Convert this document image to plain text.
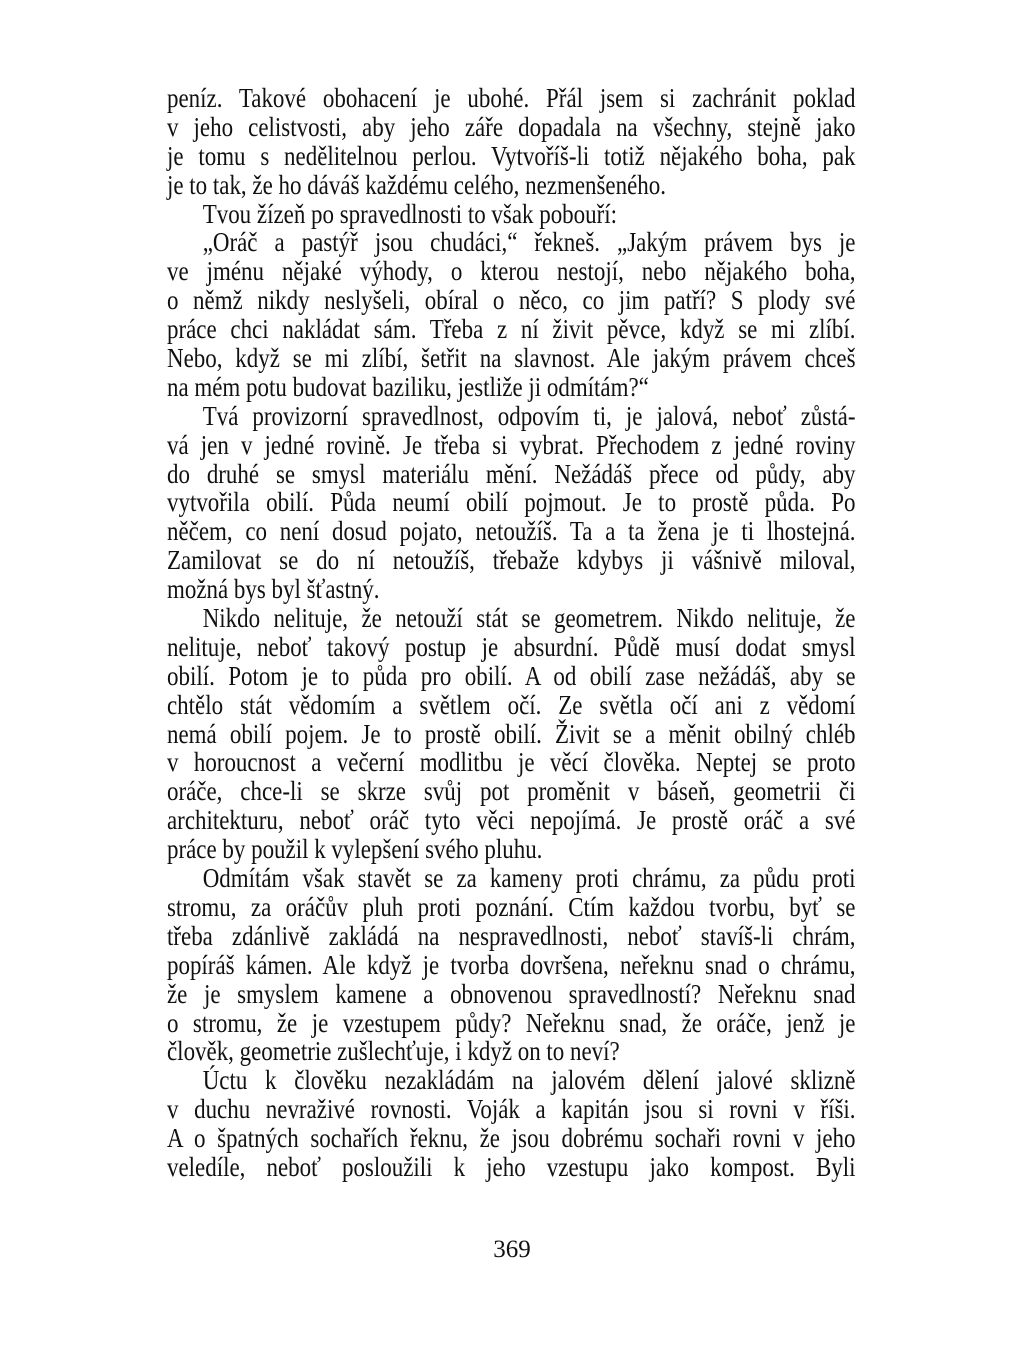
peníz. Takové obohacení je ubohé. Přál jsem si zachránit poklad
v jeho celistvosti, aby jeho záře dopadala na všechny, stejně jako
je tomu s nedělitelnou perlou. Vytvoříš-li totiž nějakého boha, pak
je to tak, že ho dáváš každému celého, nezmenšeného.
Tvou žízeň po spravedlnosti to však pobouří:
„Oráč a pastýř jsou chudáci,“ řekneš. „Jakým právem bys je
ve jménu nějaké výhody, o kterou nestojí, nebo nějakého boha,
o němž nikdy neslyšeli, obíral o něco, co jim patří? S plody své
práce chci nakládat sám. Třeba z ní živit pěvce, když se mi zlíbí.
Nebo, když se mi zlíbí, šetřit na slavnost. Ale jakým právem chceš
na mém potu budovat baziliku, jestliže ji odmítám?“
Tvá provizorní spravedlnost, odpovím ti, je jalová, neboť zůstá-
vá jen v jedné rovině. Je třeba si vybrat. Přechodem z jedné roviny
do druhé se smysl materiálu mění. Nežádáš přece od půdy, aby
vytvořila obilí. Půda neumí obilí pojmout. Je to prostě půda. Po
něčem, co není dosud pojato, netoužíš. Ta a ta žena je ti lhostejná.
Zamilovat se do ní netoužíš, třebaže kdybys ji vášnivě miloval,
možná bys byl šťastný.
Nikdo nelituje, že netouží stát se geometrem. Nikdo nelituje, že
nelituje, neboť takový postup je absurdní. Půdě musí dodat smysl
obilí. Potom je to půda pro obilí. A od obilí zase nežádáš, aby se
chtělo stát vědomím a světlem očí. Ze světla očí ani z vědomí
nemá obilí pojem. Je to prostě obilí. Živit se a měnit obilný chléb
v horoucnost a večerní modlitbu je věcí člověka. Neptej se proto
oráče, chce-li se skrze svůj pot proměnit v báseň, geometrii či
architekturu, neboť oráč tyto věci nepojímá. Je prostě oráč a své
práce by použil k vylepšení svého pluhu.
Odmítám však stavět se za kameny proti chrámu, za půdu proti
stromu, za oráčův pluh proti poznání. Ctím každou tvorbu, byť se
třeba zdánlivě zakládá na nespravedlnosti, neboť stavíš-li chrám,
popíráš kámen. Ale když je tvorba dovršena, neřeknu snad o chrámu,
že je smyslem kamene a obnovenou spravedlností? Neřeknu snad
o stromu, že je vzestupem půdy? Neřeknu snad, že oráče, jenž je
člověk, geometrie zušlechťuje, i když on to neví?
Úctu k člověku nezakládám na jalovém dělení jalové sklizně
v duchu nevraživé rovnosti. Voják a kapitán jsou si rovni v říši.
A o špatných sochařích řeknu, že jsou dobrému sochaři rovni v jeho
veledíle, neboť posloužili k jeho vzestupu jako kompost. Byli
369
